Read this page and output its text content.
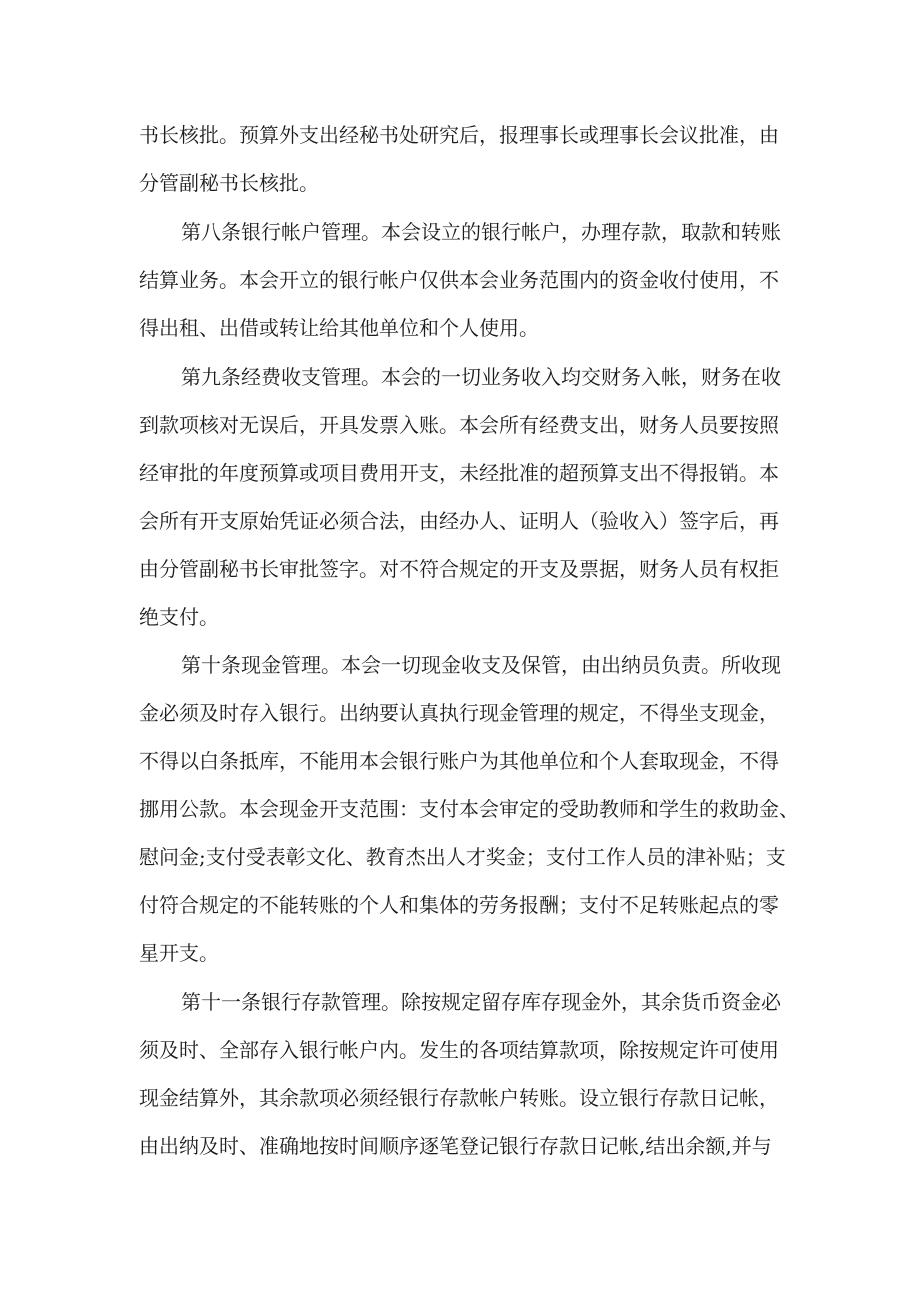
书长核批。预算外支出经秘书处研究后，报理事长或理事长会议批准，由

分管副秘书长核批。

第八条银行帐户管理。本会设立的银行帐户，办理存款，取款和转账

结算业务。本会开立的银行帐户仅供本会业务范围内的资金收付使用，不

得出租、出借或转让给其他单位和个人使用。

第九条经费收支管理。本会的一切业务收入均交财务入帐，财务在收

到款项核对无误后，开具发票入账。本会所有经费支出，财务人员要按照

经审批的年度预算或项目费用开支，未经批准的超预算支出不得报销。本

会所有开支原始凭证必须合法，由经办人、证明人（验收入）签字后，再

由分管副秘书长审批签字。对不符合规定的开支及票据，财务人员有权拒

绝支付。

第十条现金管理。本会一切现金收支及保管，由出纳员负责。所收现

金必须及时存入银行。出纳要认真执行现金管理的规定，不得坐支现金，

不得以白条抵库，不能用本会银行账户为其他单位和个人套取现金，不得

挪用公款。本会现金开支范围：支付本会审定的受助教师和学生的救助金、

慰问金;支付受表彰文化、教育杰出人才奖金；支付工作人员的津补贴；支

付符合规定的不能转账的个人和集体的劳务报酬；支付不足转账起点的零

星开支。

第十一条银行存款管理。除按规定留存库存现金外，其余货币资金必

须及时、全部存入银行帐户内。发生的各项结算款项，除按规定许可使用

现金结算外，其余款项必须经银行存款帐户转账。设立银行存款日记帐，

由出纳及时、准确地按时间顺序逐笔登记银行存款日记帐,结出余额,并与
